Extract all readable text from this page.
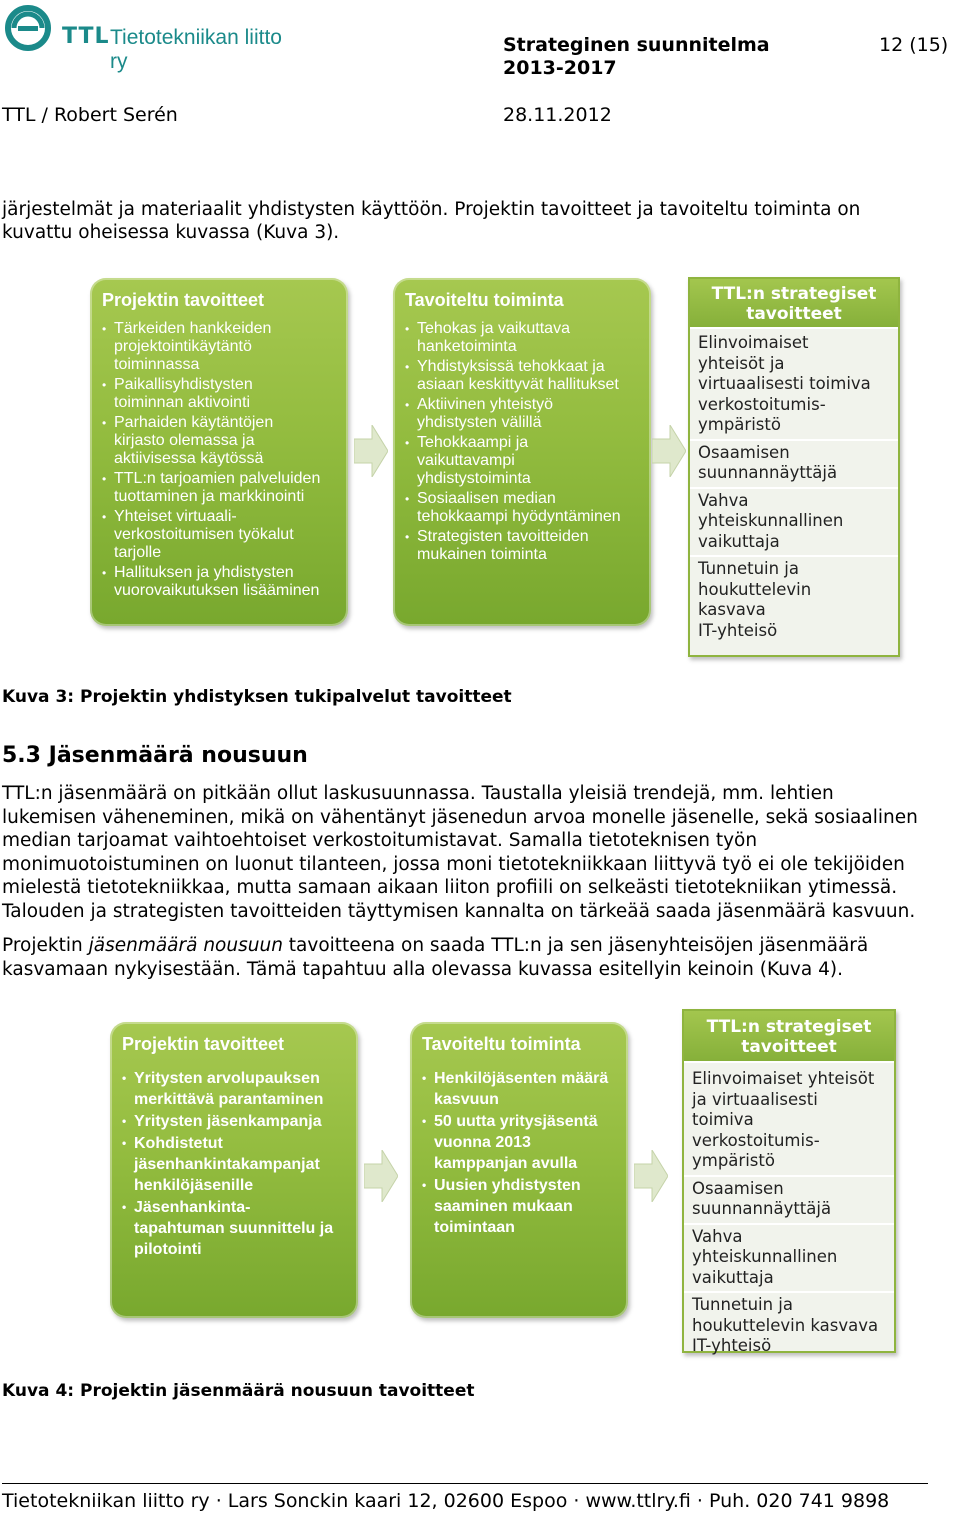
TTL Tietotekniikan liitto ry
Strateginen suunnitelma
2013-2017
12 (15)
TTL / Robert Serén	28.11.2012
järjestelmät ja materiaalit yhdistysten käyttöön. Projektin tavoitteet ja tavoiteltu toiminta on
kuvattu oheisessa kuvassa (Kuva 3).
Projektin tavoitteet
• Tärkeiden hankkeiden
projektointikäytäntö
toiminnassa
• Paikallisyhdistysten
toiminnan aktivointi
• Parhaiden käytäntöjen
kirjasto olemassa ja
aktiivisessa käytössä
• TTL:n tarjoamien palveluiden
tuottaminen ja markkinointi
• Yhteiset virtuaali-
verkostoitumisen työkalut
tarjolle
• Hallituksen ja yhdistysten
vuorovaikutuksen lisääminen
Tavoiteltu toiminta
• Tehokas ja vaikuttava
hanketoiminta
• Yhdistyksissä tehokkaat ja
asiaan keskittyvät hallitukset
• Aktiivinen yhteistyö
yhdistysten välillä
• Tehokkaampi ja
vaikuttavampi
yhdistystoiminta
• Sosiaalisen median
tehokkaampi hyödyntäminen
• Strategisten tavoitteiden
mukainen toiminta
TTL:n strategiset
tavoitteet
Elinvoimaiset
yhteisöt ja
virtuaalisesti toimiva
verkostoitumis-
ympäristö
Osaamisen
suunnannäyttäjä
Vahva
yhteiskunnallinen
vaikuttaja
Tunnetuin ja
houkuttelevin
kasvava
IT-yhteisö
Kuva 3: Projektin yhdistyksen tukipalvelut tavoitteet
5.3 Jäsenmäärä nousuun
TTL:n jäsenmäärä on pitkään ollut laskusuunnassa. Taustalla yleisiä trendejä, mm. lehtien
lukemisen väheneminen, mikä on vähentänyt jäsenedun arvoa monelle jäsenelle, sekä sosiaalinen
median tarjoamat vaihtoehtoiset verkostoitumistavat. Samalla tietoteknisen työn
monimuotoistuminen on luonut tilanteen, jossa moni tietotekniikkaan liittyvä työ ei ole tekijöiden
mielestä tietotekniikkaa, mutta samaan aikaan liiton profiili on selkeästi tietotekniikan ytimessä.
Talouden ja strategisten tavoitteiden täyttymisen kannalta on tärkeää saada jäsenmäärä kasvuun.
Projektin jäsenmäärä nousuun tavoitteena on saada TTL:n ja sen jäsenyhteisöjen jäsenmäärä
kasvamaan nykyisestään. Tämä tapahtuu alla olevassa kuvassa esitellyin keinoin (Kuva 4).
Projektin tavoitteet
• Yritysten arvolupauksen
merkittävä parantaminen
• Yritysten jäsenkampanja
• Kohdistetut
jäsenhankintakampanjat
henkilöjäsenille
• Jäsenhankinta-
tapahtuman suunnittelu ja
pilotointi
Tavoiteltu toiminta
• Henkilöjäsenten määrä
kasvuun
• 50 uutta yritysjäsentä
vuonna 2013
kamppanjan avulla
• Uusien yhdistysten
saaminen mukaan
toimintaan
TTL:n strategiset
tavoitteet
Elinvoimaiset yhteisöt
ja virtuaalisesti
toimiva
verkostoitumis-
ympäristö
Osaamisen
suunnannäyttäjä
Vahva
yhteiskunnallinen
vaikuttaja
Tunnetuin ja
houkuttelevin kasvava
IT-yhteisö
Kuva 4: Projektin jäsenmäärä nousuun tavoitteet
Tietotekniikan liitto ry · Lars Sonckin kaari 12, 02600 Espoo · www.ttlry.fi · Puh. 020 741 9898
